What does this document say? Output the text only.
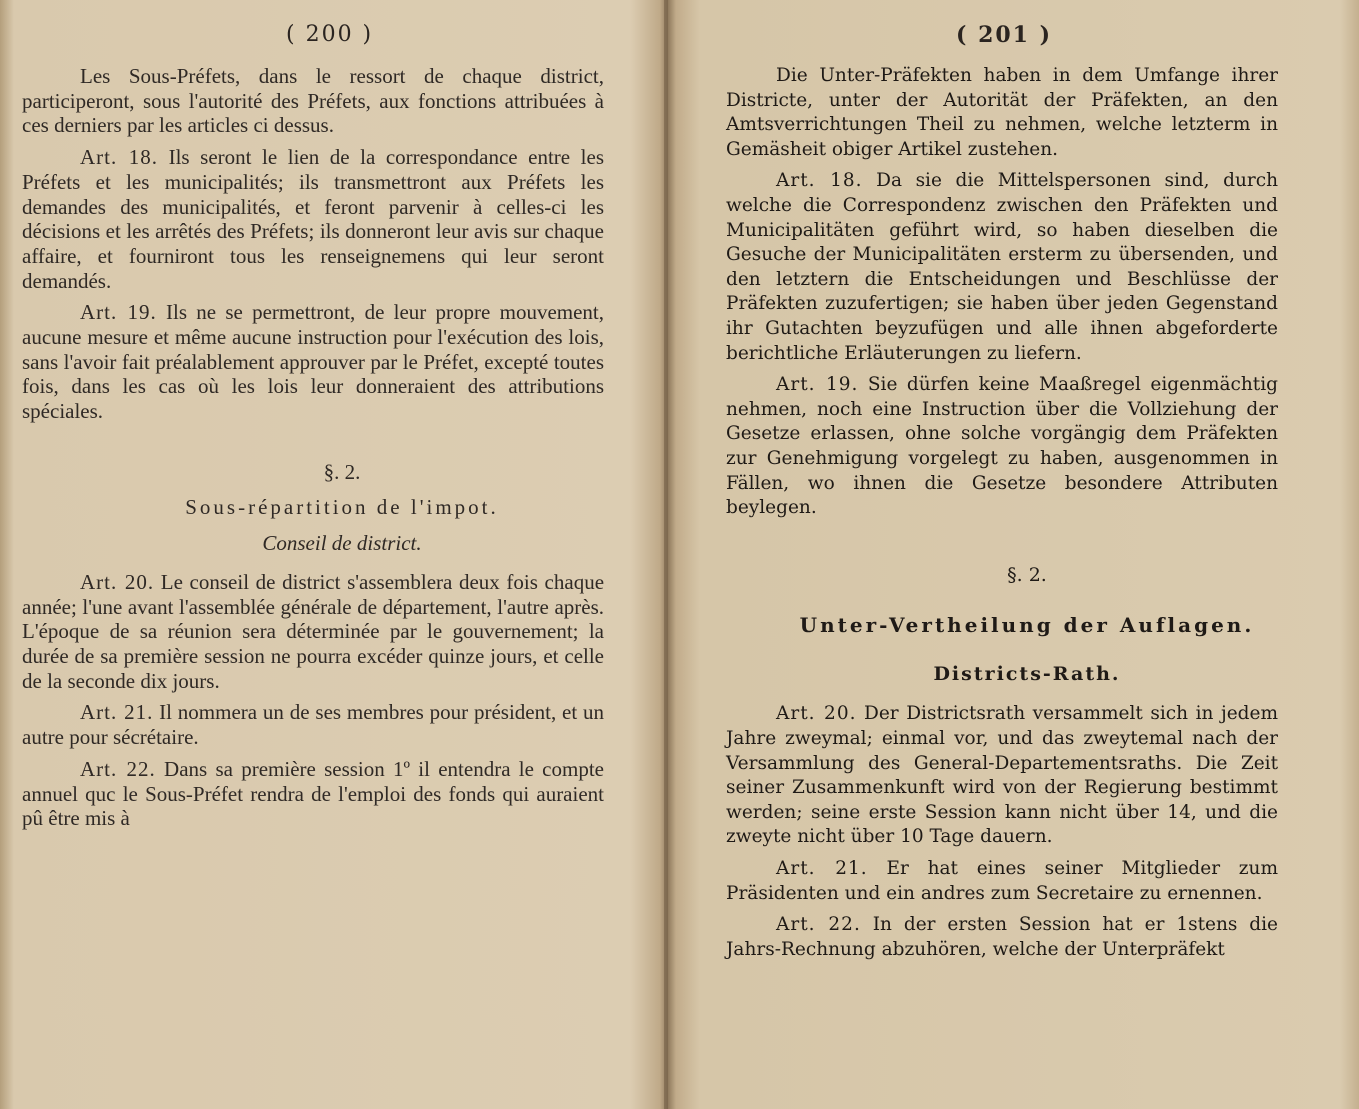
( 200 )

Les Sous-Préfets, dans le ressort de chaque district, participeront, sous l'autorité des Préfets, aux fonctions attribuées à ces derniers par les articles ci dessus.

Art. 18. Ils seront le lien de la correspondance entre les Préfets et les municipalités; ils transmettront aux Préfets les demandes des municipalités, et feront parvenir à celles-ci les décisions et les arrêtés des Préfets; ils donneront leur avis sur chaque affaire, et fourniront tous les renseignemens qui leur seront demandés.

Art. 19. Ils ne se permettront, de leur propre mouvement, aucune mesure et même aucune instruction pour l'exécution des lois, sans l'avoir fait préalablement approuver par le Préfet, excepté toutes fois, dans les cas où les lois leur donneraient des attributions spéciales.

§. 2.

Sous-répartition de l'impot.

Conseil de district.

Art. 20. Le conseil de district s'assemblera deux fois chaque année; l'une avant l'assemblée générale de département, l'autre après. L'époque de sa réunion sera déterminée par le gouvernement; la durée de sa première session ne pourra excéder quinze jours, et celle de la seconde dix jours.

Art. 21. Il nommera un de ses membres pour président, et un autre pour sécrétaire.

Art. 22. Dans sa première session 1º il entendra le compte annuel quc le Sous-Préfet rendra de l'emploi des fonds qui auraient pû être mis à

( 201 )

Die Unter-Präfekten haben in dem Umfange ihrer Districte, unter der Autorität der Präfekten, an den Amtsverrichtungen Theil zu nehmen, welche letzterm in Gemäsheit obiger Artikel zustehen.

Art. 18. Da sie die Mittelspersonen sind, durch welche die Correspondenz zwischen den Präfekten und Municipalitäten geführt wird, so haben dieselben die Gesuche der Municipalitäten ersterm zu übersenden, und den letztern die Entscheidungen und Beschlüsse der Präfekten zuzufertigen; sie haben über jeden Gegenstand ihr Gutachten beyzufügen und alle ihnen abgeforderte berichtliche Erläuterungen zu liefern.

Art. 19. Sie dürfen keine Maaßregel eigenmächtig nehmen, noch eine Instruction über die Vollziehung der Gesetze erlassen, ohne solche vorgängig dem Präfekten zur Genehmigung vorgelegt zu haben, ausgenommen in Fällen, wo ihnen die Gesetze besondere Attributen beylegen.

§. 2.

Unter-Vertheilung der Auflagen.

Districts-Rath.

Art. 20. Der Districtsrath versammelt sich in jedem Jahre zweymal; einmal vor, und das zweytemal nach der Versammlung des General-Departementsraths. Die Zeit seiner Zusammenkunft wird von der Regierung bestimmt werden; seine erste Session kann nicht über 14, und die zweyte nicht über 10 Tage dauern.

Art. 21. Er hat eines seiner Mitglieder zum Präsidenten und ein andres zum Secretaire zu ernennen.

Art. 22. In der ersten Session hat er 1stens die Jahrs-Rechnung abzuhören, welche der Unterpräfekt
